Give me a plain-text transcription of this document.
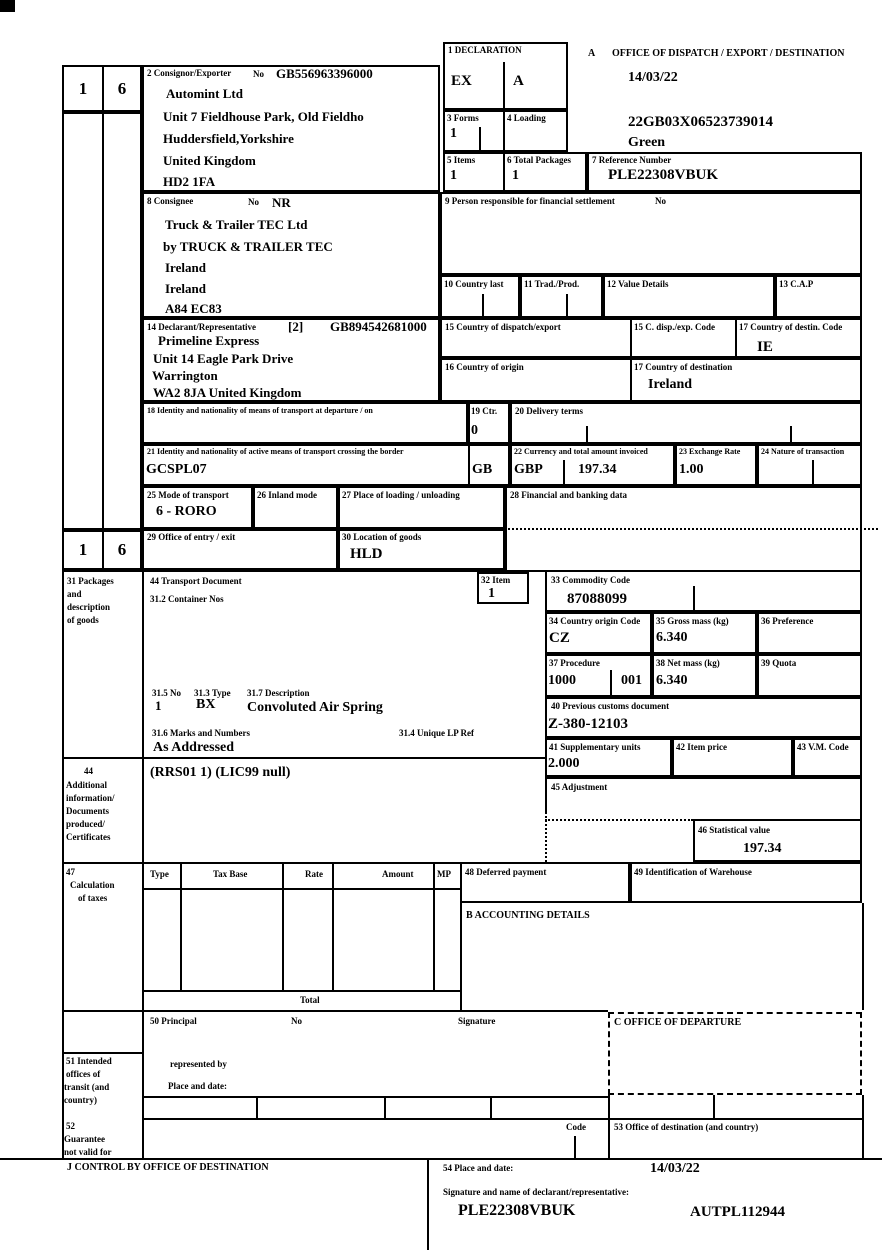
1 6
1 6
2 Consignor/Exporter No GB556963396000
Automint Ltd
Unit 7 Fieldhouse Park, Old Fieldho
Huddersfield,Yorkshire
United Kingdom
HD2 1FA
1 DECLARATION
EX	A
A OFFICE OF DISPATCH / EXPORT / DESTINATION
14/03/22
22GB03X06523739014
Green
3 Forms
1
4 Loading
5 Items
1
6 Total Packages
1
7 Reference Number
PLE22308VBUK
8 Consignee	No NR
Truck & Trailer TEC Ltd
by TRUCK & TRAILER TEC
Ireland
Ireland
A84 EC83
9 Person responsible for financial settlement	No
10 Country last 11 Trad./Prod.	12 Value Details	13 C.A.P
14 Declarant/Representative [2] GB894542681000
Primeline Express
Unit 14 Eagle Park Drive
Warrington
WA2 8JA United Kingdom
15 Country of dispatch/export	15 C. disp./exp. Code	17 Country of destin. Code
IE
16 Country of origin	17 Country of destination
Ireland
18 Identity and nationality of means of transport at departure / on	19 Ctr.
0
20 Delivery terms
21 Identity and nationality of active means of transport crossing the border
GCSPL07	GB
22 Currency and total amount invoiced
GBP	197.34
23 Exchange Rate
1.00
24 Nature of transaction
25 Mode of transport
6 - RORO
26 Inland mode	27 Place of loading / unloading	28 Financial and banking data
29 Office of entry / exit	30 Location of goods
HLD
31 Packages
and
description
of goods
44 Transport Document
31.2 Container Nos
32 Item
1
33 Commodity Code
87088099
34 Country origin Code
CZ
35 Gross mass (kg)
6.340
36 Preference
37 Procedure
1000	001
38 Net mass (kg)
6.340
39 Quota
40 Previous customs document
Z-380-12103
41 Supplementary units
2.000
42 Item price	43 V.M. Code
45 Adjustment
46 Statistical value
197.34
31.5 No
1
31.3 Type
BX
31.7 Description
Convoluted Air Spring
31.6 Marks and Numbers	31.4 Unique LP Ref
As Addressed
44
Additional
information/
Documents
produced/
Certificates
(RRS01 1) (LIC99 null)
47
Calculation
of taxes
Type	Tax Base	Rate	Amount	MP
Total
48 Deferred payment	49 Identification of Warehouse
B ACCOUNTING DETAILS
50 Principal	No	Signature
represented by
Place and date:
51 Intended
offices of
transit (and
country)
C OFFICE OF DEPARTURE
52
Guarantee
not valid for
Code	53 Office of destination (and country)
J CONTROL BY OFFICE OF DESTINATION	54 Place and date:	14/03/22
Signature and name of declarant/representative:
PLE22308VBUK	AUTPL112944
